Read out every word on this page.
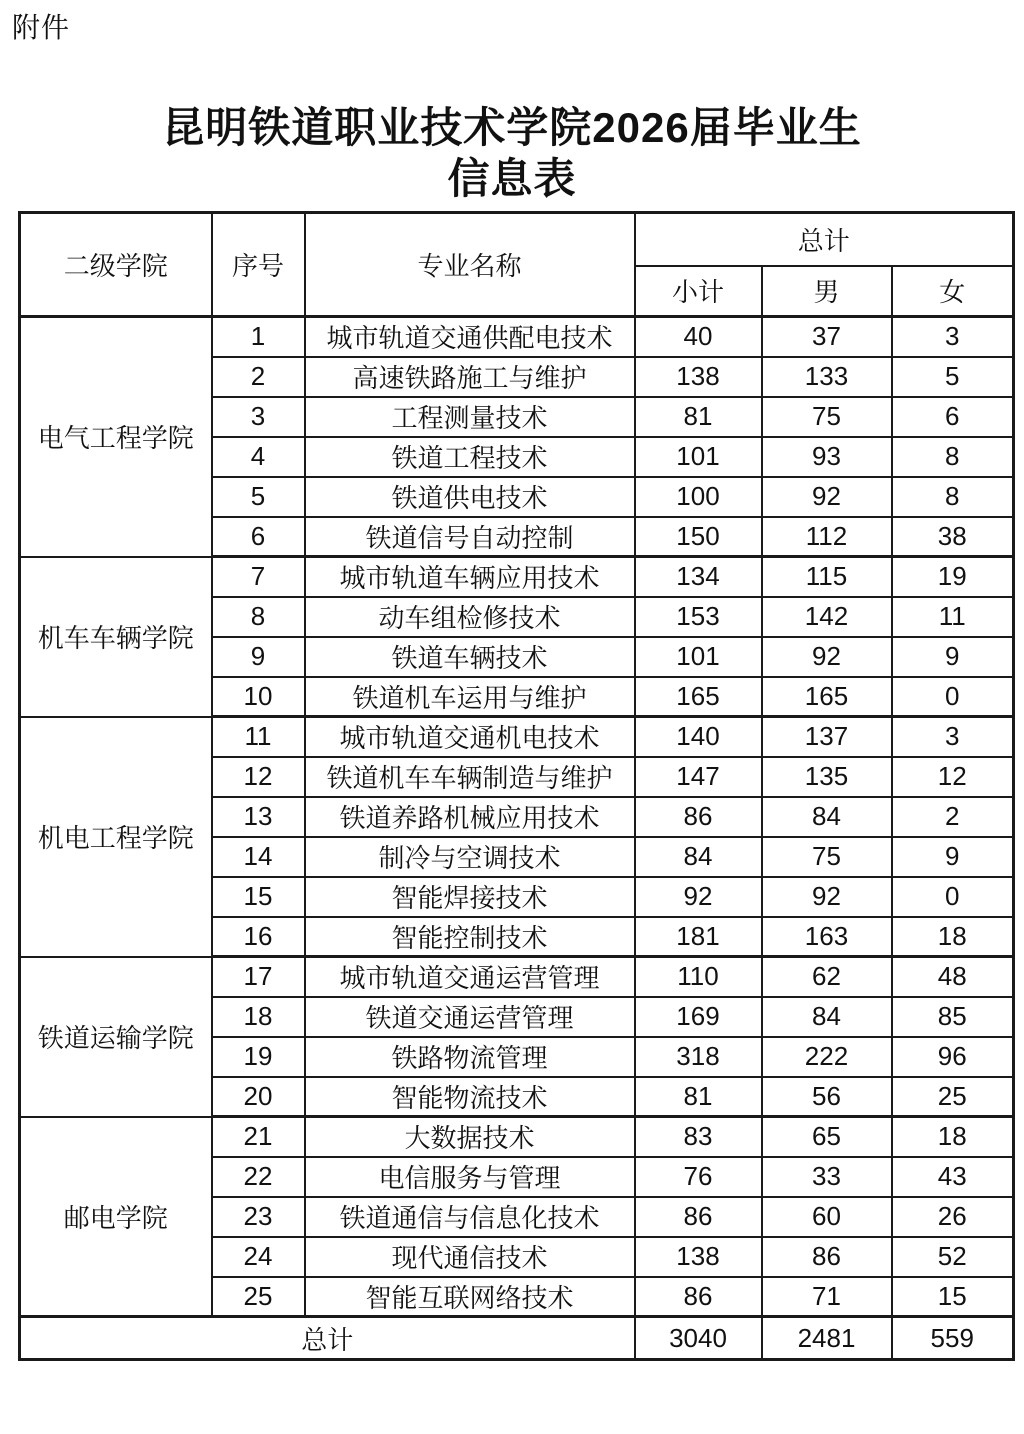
附件
昆明铁道职业技术学院2026届毕业生
信息表
二级学院	序号	专业名称	总计		
			小计	男	女
电气工程学院	1	城市轨道交通供配电技术	40	37	3
	2	高速铁路施工与维护	138	133	5
	3	工程测量技术	81	75	6
	4	铁道工程技术	101	93	8
	5	铁道供电技术	100	92	8
	6	铁道信号自动控制	150	112	38
机车车辆学院	7	城市轨道车辆应用技术	134	115	19
	8	动车组检修技术	153	142	11
	9	铁道车辆技术	101	92	9
	10	铁道机车运用与维护	165	165	0
机电工程学院	11	城市轨道交通机电技术	140	137	3
	12	铁道机车车辆制造与维护	147	135	12
	13	铁道养路机械应用技术	86	84	2
	14	制冷与空调技术	84	75	9
	15	智能焊接技术	92	92	0
	16	智能控制技术	181	163	18
铁道运输学院	17	城市轨道交通运营管理	110	62	48
	18	铁道交通运营管理	169	84	85
	19	铁路物流管理	318	222	96
	20	智能物流技术	81	56	25
邮电学院	21	大数据技术	83	65	18
	22	电信服务与管理	76	33	43
	23	铁道通信与信息化技术	86	60	26
	24	现代通信技术	138	86	52
	25	智能互联网络技术	86	71	15
总计			3040	2481	559
